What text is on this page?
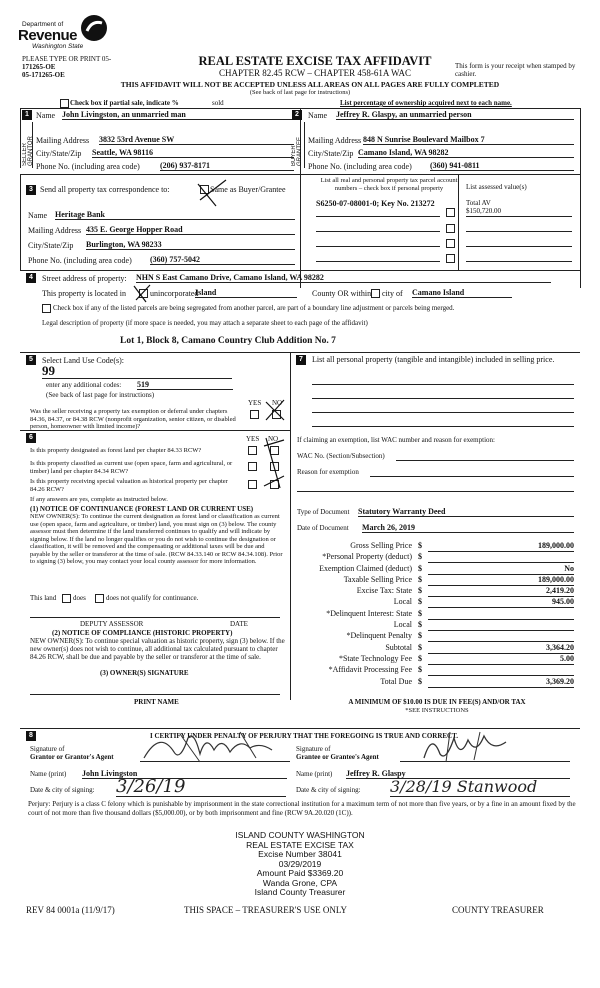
Department of
Revenue
Washington State
PLEASE TYPE OR PRINT 05-
171265-OE
05-171265-OE
REAL ESTATE EXCISE TAX AFFIDAVIT
CHAPTER 82.45 RCW – CHAPTER 458-61A WAC
This form is your receipt when stamped by cashier.
THIS AFFIDAVIT WILL NOT BE ACCEPTED UNLESS ALL AREAS ON ALL PAGES ARE FULLY COMPLETED
(See back of last page for instructions)
Check box if partial sale, indicate %	sold	List percentage of ownership acquired next to each name.
1
SELLER GRANTOR
Name John Livingston, an unmarried man
Mailing Address 3832 53rd Avenue SW
City/State/Zip Seattle, WA 98116
Phone No. (including area code)	(206) 937-8171
2
BUYER GRANTEE
Name Jeffrey R. Glaspy, an unmarried person
Mailing Address 848 N Sunrise Boulevard Mailbox 7
City/State/Zip Camano Island, WA 98282
Phone No. (including area code) (360) 941-0811
3 Send all property tax correspondence to:	Same as Buyer/Grantee
Name Heritage Bank
Mailing Address 435 E. George Hopper Road
City/State/Zip Burlington, WA 98233
Phone No. (including area code) (360) 757-5042
List all real and personal property tax parcel account numbers – check box if personal property	List assessed value(s)
S6250-07-08001-0; Key No. 213272	Total AV
$150,720.00
4	Street address of property: NHN S East Camano Drive, Camano Island, WA 98282
This property is located in	unincorporated
Island	County OR within city of Camano Island
Check box if any of the listed parcels are being segregated from another parcel, are part of a boundary line adjustment or parcels being merged.
Legal description of property (if more space is needed, you may attach a separate sheet to each page of the affidavit)
Lot 1, Block 8, Camano Country Club Addition No. 7
5	Select Land Use Code(s):
99
enter any additional codes: 519
(See back of last page for instructions)
YES NO
Was the seller receiving a property tax exemption or deferral under chapters 84.36, 84.37, or 84.38 RCW (nonprofit organization, senior citizen, or disabled person, homeowner with limited income)?
6	YES NO
Is this property designated as forest land per chapter 84.33 RCW?
Is this property classified as current use (open space, farm and agricultural, or timber) land per chapter 84.34 RCW?
Is this property receiving special valuation as historical property per chapter 84.26 RCW?
If any answers are yes, complete as instructed below.
(1) NOTICE OF CONTINUANCE (FOREST LAND OR CURRENT USE)
NEW OWNER(S): To continue the current designation as forest land or classification as current use (open space, farm and agriculture, or timber) land, you must sign on (3) below. The county assessor must then determine if the land transferred continues to qualify and will indicate by signing below. If the land no longer qualifies or you do not wish to continue the designation or classification, it will be removed and the compensating or additional taxes will be due and payable by the seller or transferor at the time of sale. (RCW 84.33.140 or RCW 84.34.108). Prior to signing (3) below, you may contact your local county assessor for more information.
This land does	does not qualify for continuance.
DEPUTY ASSESSOR	DATE
(2) NOTICE OF COMPLIANCE (HISTORIC PROPERTY)
NEW OWNER(S): To continue special valuation as historic property, sign (3) below. If the new owner(s) does not wish to continue, all additional tax calculated pursuant to chapter 84.26 RCW, shall be due and payable by the seller or transferor at the time of sale.
(3) OWNER(S) SIGNATURE
PRINT NAME
7	List all personal property (tangible and intangible) included in selling price.
If claiming an exemption, list WAC number and reason for exemption:
WAC No. (Section/Subsection)
Reason for exemption
Type of Document Statutory Warranty Deed
Date of Document March 26, 2019
Gross Selling Price $	189,000.00
*Personal Property (deduct) $
Exemption Claimed (deduct) $	No
Taxable Selling Price $	189,000.00
Excise Tax: State $	2,419.20
Local $	945.00
*Delinquent Interest: State $
Local $
*Delinquent Penalty $
Subtotal $	3,364.20
*State Technology Fee $	5.00
*Affidavit Processing Fee $
Total Due $	3,369.20
A MINIMUM OF $10.00 IS DUE IN FEE(S) AND/OR TAX
*SEE INSTRUCTIONS
8	I CERTIFY UNDER PENALTY OF PERJURY THAT THE FOREGOING IS TRUE AND CORRECT.
Signature of
Grantor or Grantor's Agent
Name (print) John Livingston
Date & city of signing: 3/26/19
Signature of
Grantee or Grantee's Agent
Name (print) Jeffrey R. Glaspy
Date & city of signing: 3/28/19 Stanwood
Perjury: Perjury is a class C felony which is punishable by imprisonment in the state correctional institution for a maximum term of not more than five years, or by a fine in an amount fixed by the court of not more than five thousand dollars ($5,000.00), or by both imprisonment and fine (RCW 9A.20.020 (1C)).
ISLAND COUNTY WASHINGTON
REAL ESTATE EXCISE TAX
Excise Number 38041
03/29/2019
Amount Paid $3369.20
Wanda Grone, CPA
Island County Treasurer
REV 84 0001a (11/9/17)	THIS SPACE – TREASURER'S USE ONLY	COUNTY TREASURER
